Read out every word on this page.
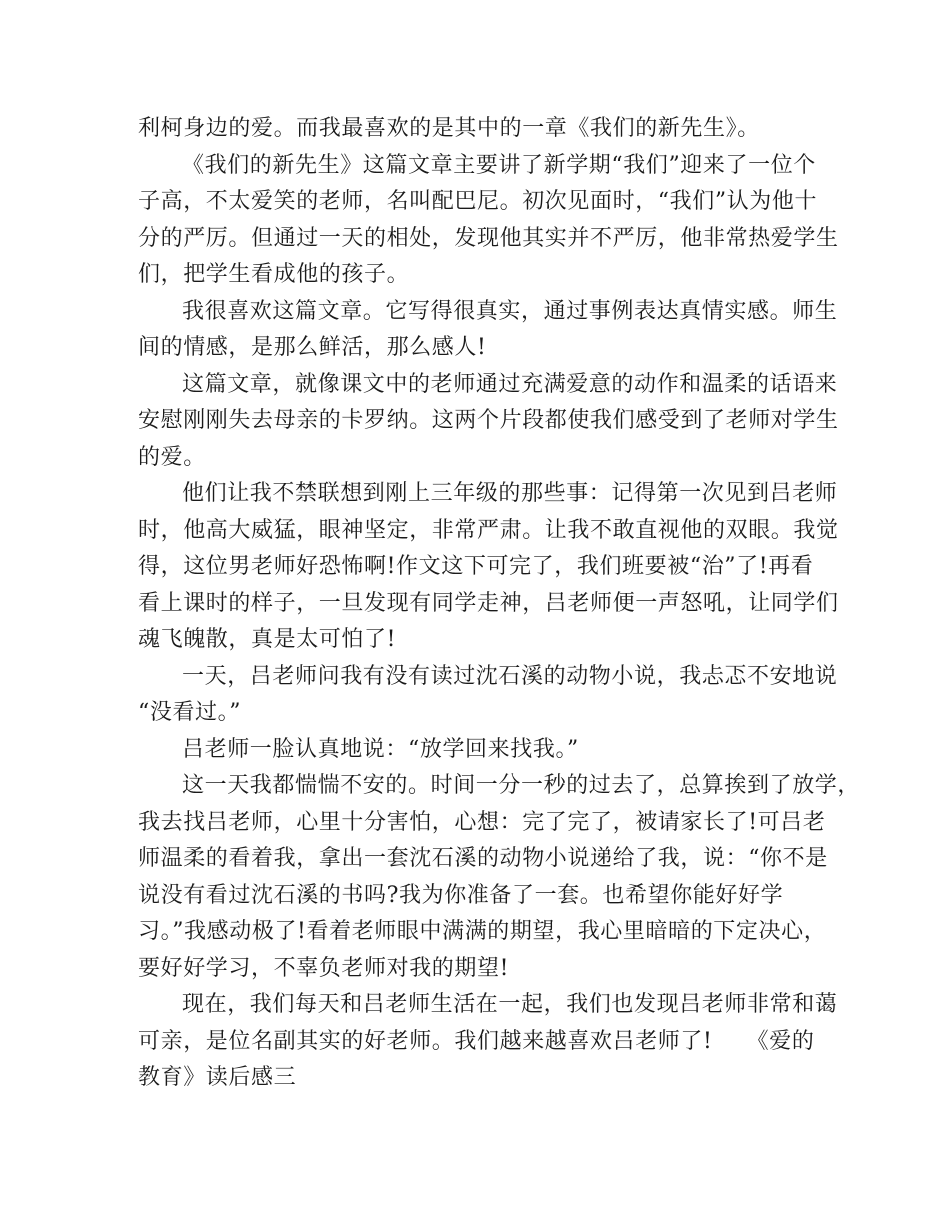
利柯身边的爱。而我最喜欢的是其中的一章《我们的新先生》。
《我们的新先生》这篇文章主要讲了新学期“我们”迎来了一位个
子高，不太爱笑的老师，名叫配巴尼。初次见面时，“我们”认为他十
分的严厉。但通过一天的相处，发现他其实并不严厉，他非常热爱学生
们，把学生看成他的孩子。
我很喜欢这篇文章。它写得很真实，通过事例表达真情实感。师生
间的情感，是那么鲜活，那么感人!
这篇文章，就像课文中的老师通过充满爱意的动作和温柔的话语来
安慰刚刚失去母亲的卡罗纳。这两个片段都使我们感受到了老师对学生
的爱。
他们让我不禁联想到刚上三年级的那些事：记得第一次见到吕老师
时，他高大威猛，眼神坚定，非常严肃。让我不敢直视他的双眼。我觉
得，这位男老师好恐怖啊!作文这下可完了，我们班要被“治”了!再看
看上课时的样子，一旦发现有同学走神，吕老师便一声怒吼，让同学们
魂飞魄散，真是太可怕了!
一天，吕老师问我有没有读过沈石溪的动物小说，我忐忑不安地说
“没看过。”
吕老师一脸认真地说：“放学回来找我。”
这一天我都惴惴不安的。时间一分一秒的过去了，总算挨到了放学，
我去找吕老师，心里十分害怕，心想：完了完了，被请家长了!可吕老
师温柔的看着我，拿出一套沈石溪的动物小说递给了我，说：“你不是
说没有看过沈石溪的书吗?我为你准备了一套。也希望你能好好学
习。”我感动极了!看着老师眼中满满的期望，我心里暗暗的下定决心，
要好好学习，不辜负老师对我的期望!
现在，我们每天和吕老师生活在一起，我们也发现吕老师非常和蔼
可亲，是位名副其实的好老师。我们越来越喜欢吕老师了!　　《爱的
教育》读后感三
